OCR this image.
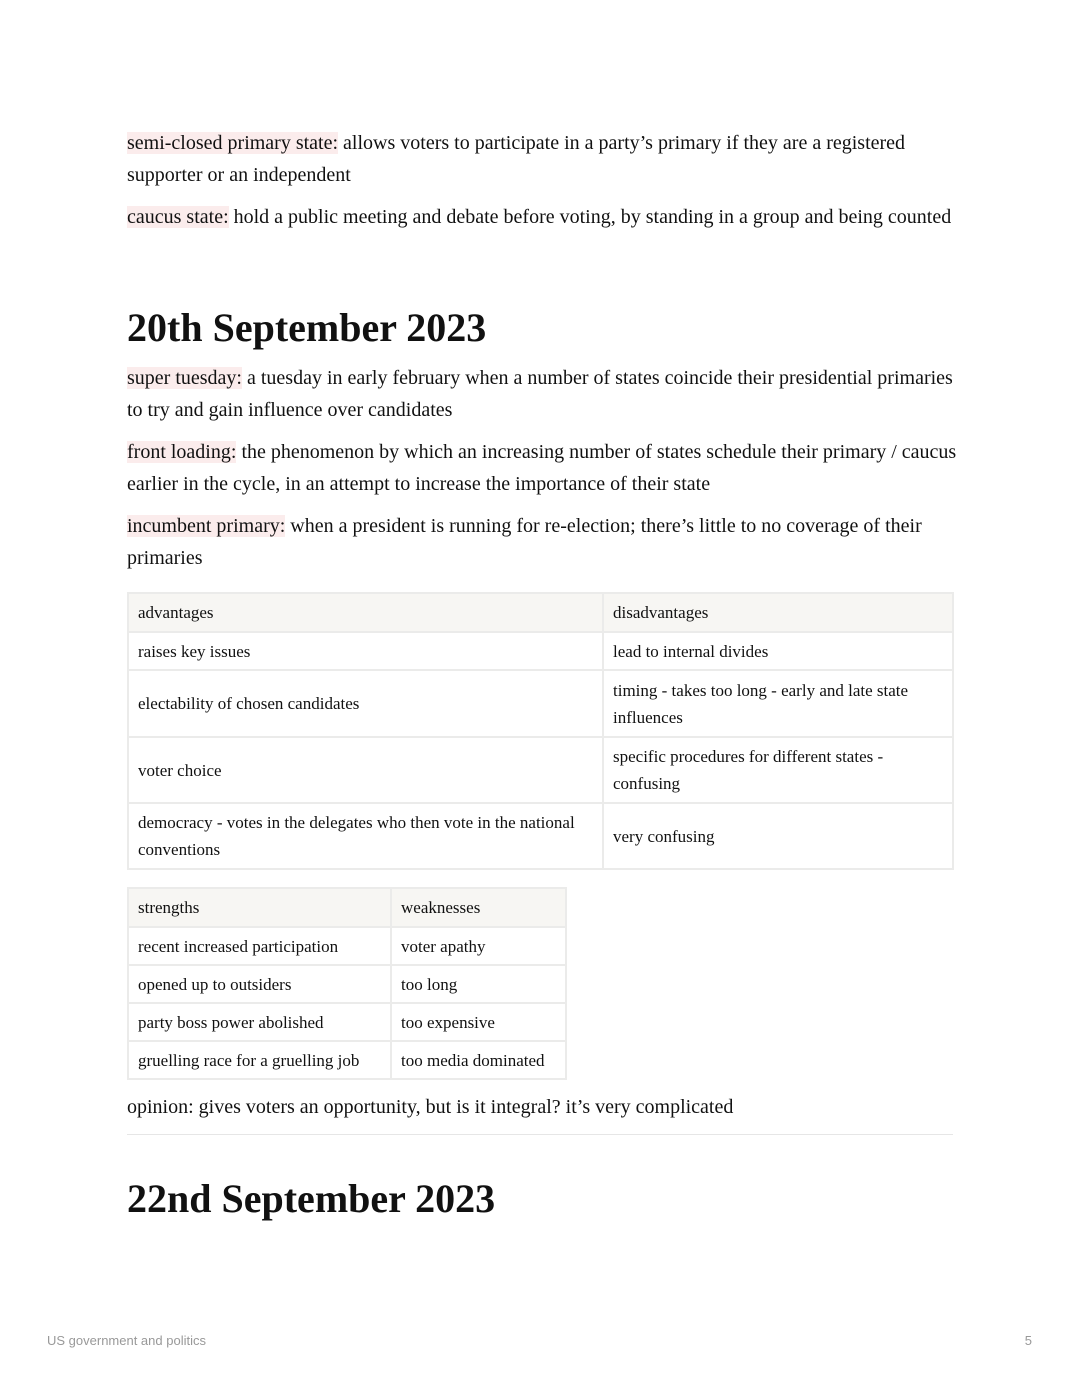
semi-closed primary state: allows voters to participate in a party’s primary if they are a registered supporter or an independent

caucus state: hold a public meeting and debate before voting, by standing in a group and being counted

20th September 2023

super tuesday: a tuesday in early february when a number of states coincide their presidential primaries to try and gain influence over candidates

front loading: the phenomenon by which an increasing number of states schedule their primary / caucus earlier in the cycle, in an attempt to increase the importance of their state

incumbent primary: when a president is running for re-election; there’s little to no coverage of their primaries

advantages	disadvantages
raises key issues	lead to internal divides
electability of chosen candidates	timing - takes too long - early and late state influences
voter choice	specific procedures for different states - confusing
democracy - votes in the delegates who then vote in the national conventions	very confusing
strengths	weaknesses
recent increased participation	voter apathy
opened up to outsiders	too long
party boss power abolished	too expensive
gruelling race for a gruelling job	too media dominated

opinion: gives voters an opportunity, but is it integral? it’s very complicated

22nd September 2023
US government and politics	5
